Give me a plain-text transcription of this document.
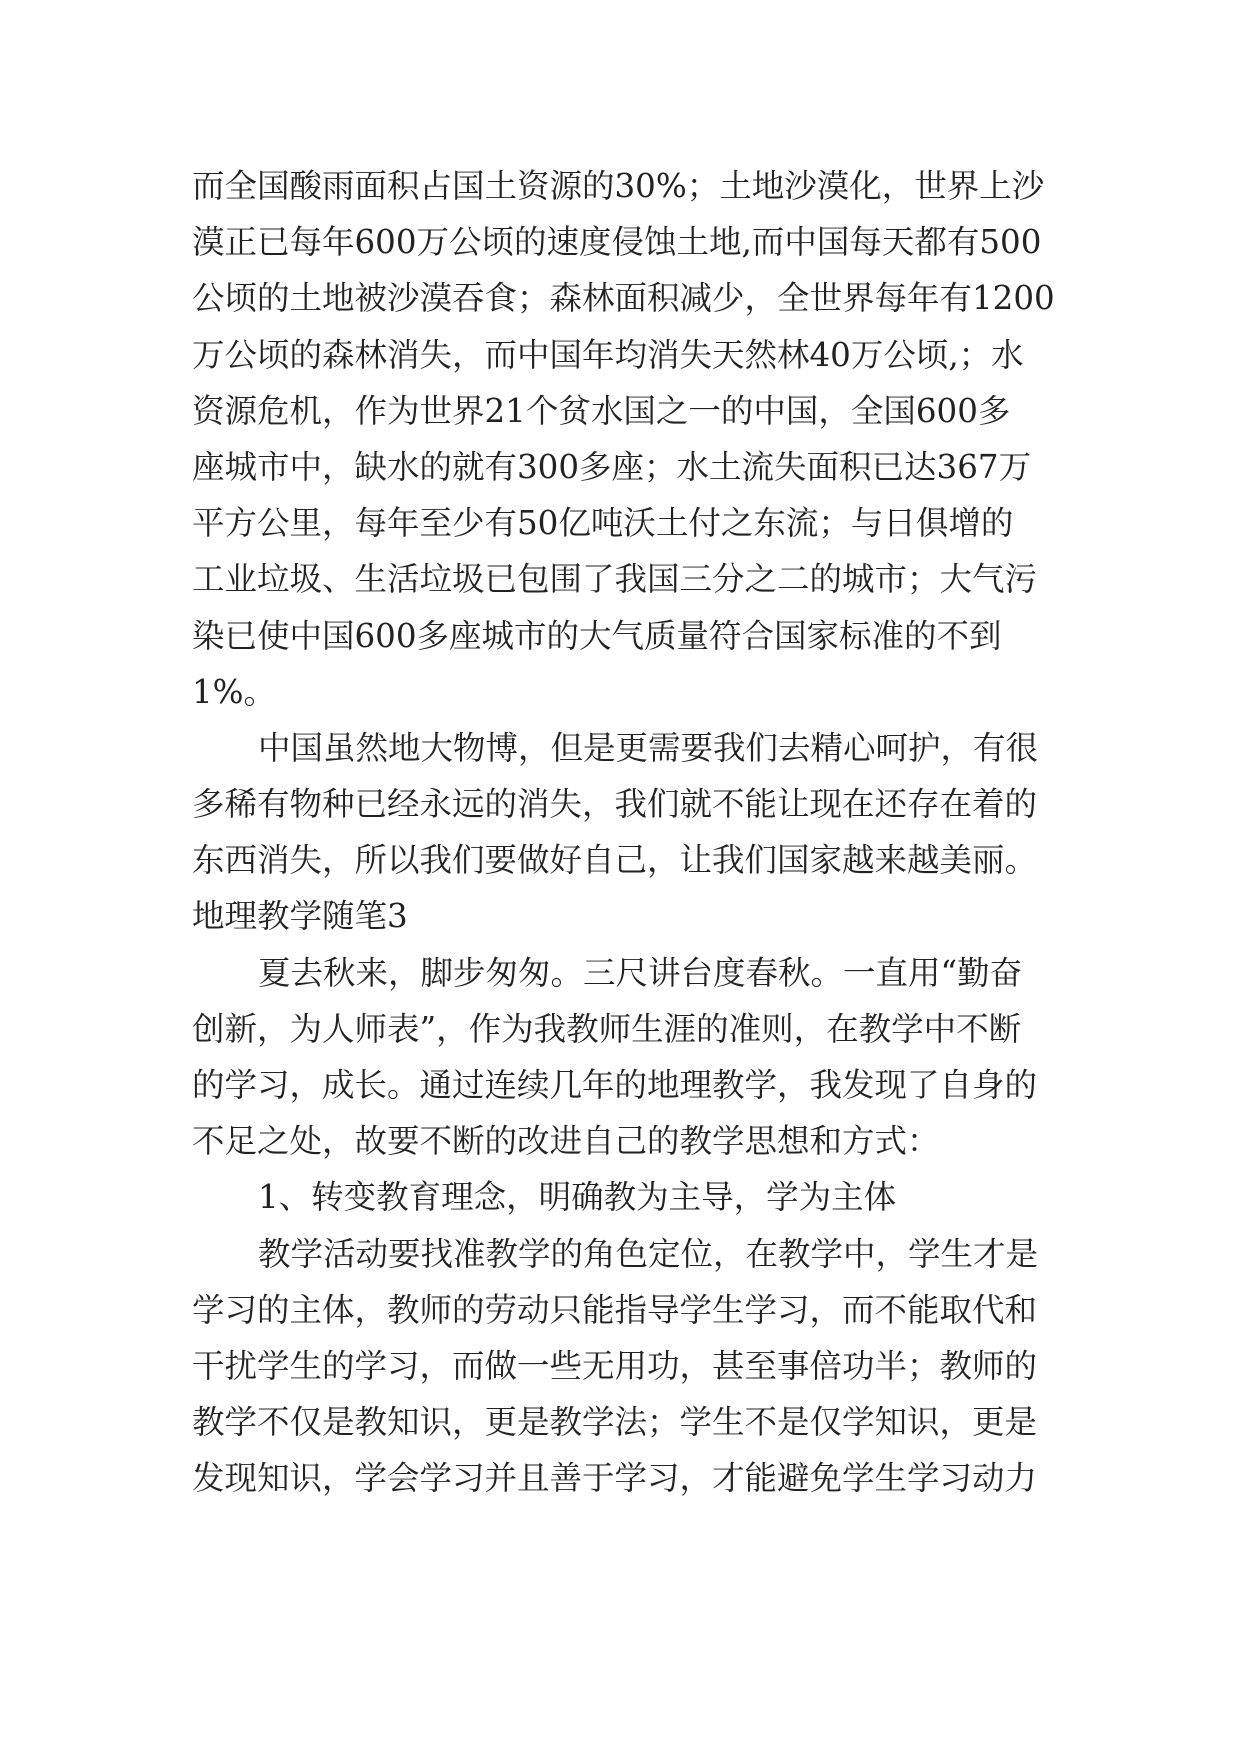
而全国酸雨面积占国土资源的30%；土地沙漠化，世界上沙
漠正已每年600万公顷的速度侵蚀土地,而中国每天都有500
公顷的土地被沙漠吞食；森林面积减少，全世界每年有1200
万公顷的森林消失，而中国年均消失天然林40万公顷,；水
资源危机，作为世界21个贫水国之一的中国，全国600多
座城市中，缺水的就有300多座；水土流失面积已达367万
平方公里，每年至少有50亿吨沃土付之东流；与日俱增的
工业垃圾、生活垃圾已包围了我国三分之二的城市；大气污
染已使中国600多座城市的大气质量符合国家标准的不到
1%。
中国虽然地大物博，但是更需要我们去精心呵护，有很
多稀有物种已经永远的消失，我们就不能让现在还存在着的
东西消失，所以我们要做好自己，让我们国家越来越美丽。
地理教学随笔3
夏去秋来，脚步匆匆。三尺讲台度春秋。一直用“勤奋
创新，为人师表”，作为我教师生涯的准则，在教学中不断
的学习，成长。通过连续几年的地理教学，我发现了自身的
不足之处，故要不断的改进自己的教学思想和方式：
1、转变教育理念，明确教为主导，学为主体
教学活动要找准教学的角色定位，在教学中，学生才是
学习的主体，教师的劳动只能指导学生学习，而不能取代和
干扰学生的学习，而做一些无用功，甚至事倍功半；教师的
教学不仅是教知识，更是教学法；学生不是仅学知识，更是
发现知识，学会学习并且善于学习，才能避免学生学习动力
